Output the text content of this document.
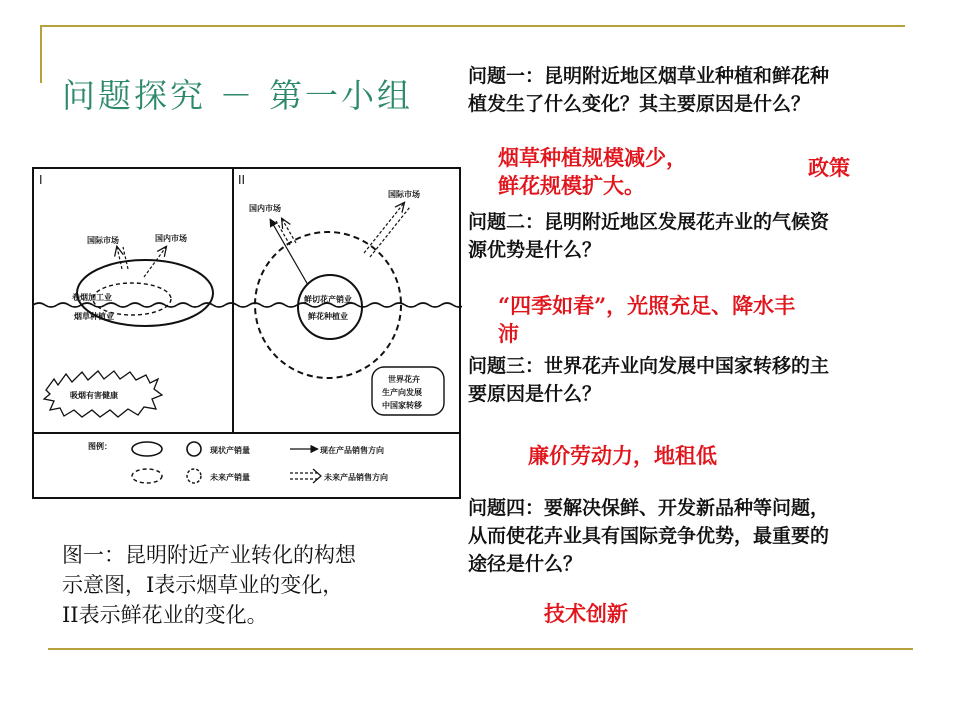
问题探究 － 第一小组
I
卷烟加工业
烟草种植业
国际市场	国内市场
吸烟有害健康
II
鲜切花产销业
鲜花种植业
国内市场
国际市场
世界花卉
生产向发展
中国家转移
图例：	现状产销量	现在产品销售方向
未来产销量	未来产品销售方向
图一：昆明附近产业转化的构想
示意图，I表示烟草业的变化，
II表示鲜花业的变化。
问题一：昆明附近地区烟草业种植和鲜花种
植发生了什么变化？其主要原因是什么？
烟草种植规模减少，
鲜花规模扩大。
政策
问题二：昆明附近地区发展花卉业的气候资
源优势是什么？
“四季如春”，光照充足、降水丰
沛
问题三：世界花卉业向发展中国家转移的主
要原因是什么？
廉价劳动力，地租低
问题四：要解决保鲜、开发新品种等问题，
从而使花卉业具有国际竞争优势，最重要的
途径是什么？
技术创新
